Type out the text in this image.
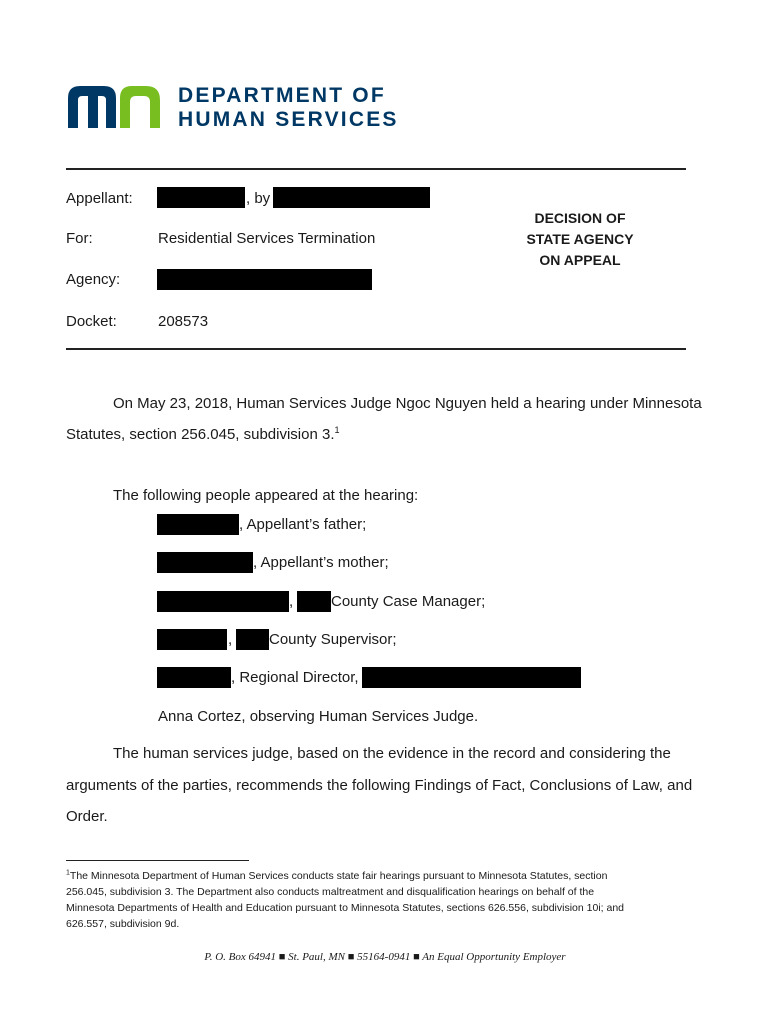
DEPARTMENT OF
HUMAN SERVICES
Appellant:	, by
For:	Residential Services Termination
Agency:
Docket:	208573
DECISION OF
STATE AGENCY
ON APPEAL
On May 23, 2018, Human Services Judge Ngoc Nguyen held a hearing under Minnesota
Statutes, section 256.045, subdivision 3.$^1$
The following people appeared at the hearing:
, Appellant’s father;
, Appellant’s mother;
,	County Case Manager;
, County Supervisor;
, Regional Director,
Anna Cortez, observing Human Services Judge.
The human services judge, based on the evidence in the record and considering the
arguments of the parties, recommends the following Findings of Fact, Conclusions of Law, and
Order.
$^1$The Minnesota Department of Human Services conducts state fair hearings pursuant to Minnesota Statutes, section
256.045, subdivision 3. The Department also conducts maltreatment and disqualification hearings on behalf of the
Minnesota Departments of Health and Education pursuant to Minnesota Statutes, sections 626.556, subdivision 10i; and
626.557, subdivision 9d.
P. O. Box 64941 ■ St. Paul, MN ■ 55164-0941 ■ An Equal Opportunity Employer
